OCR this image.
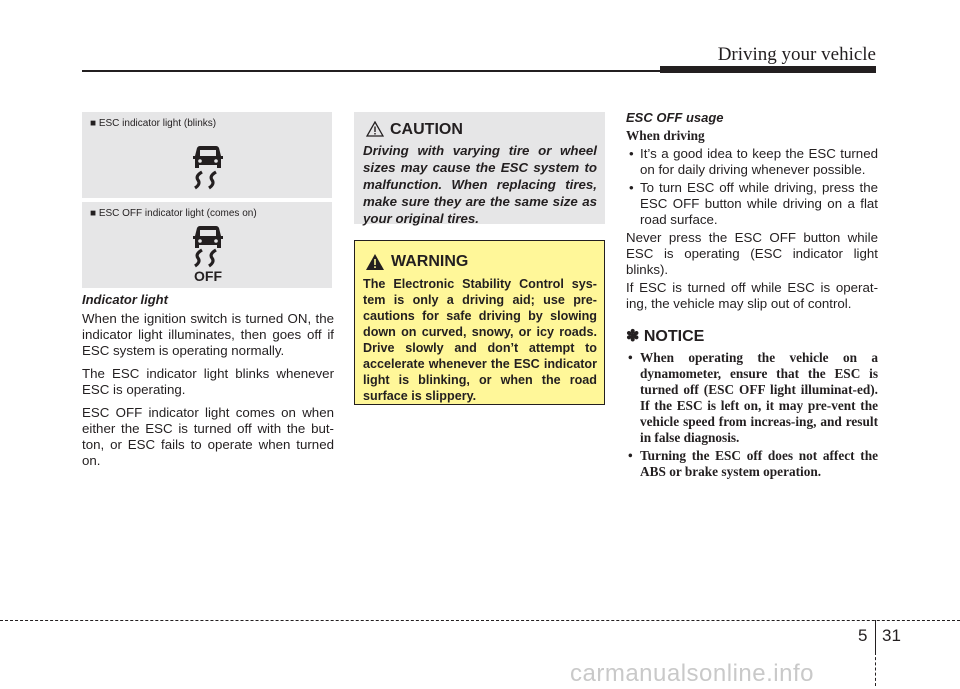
Driving your vehicle
■ ESC indicator light (blinks)
■ ESC OFF indicator light (comes on)
OFF
Indicator light

When the ignition switch is turned ON, the indicator light illuminates, then goes off if ESC system is operating normally.

The ESC indicator light blinks whenever ESC is operating.

ESC OFF indicator light comes on when either the ESC is turned off with the but-ton, or ESC fails to operate when turned on.

CAUTION
Driving with varying tire or wheel sizes may cause the ESC system to malfunction. When replacing tires, make sure they are the same size as your original tires.
WARNING
The Electronic Stability Control sys-tem is only a driving aid; use pre-cautions for safe driving by slowing down on curved, snowy, or icy roads. Drive slowly and don’t attempt to accelerate whenever the ESC indicator light is blinking, or when the road surface is slippery.
ESC OFF usage
When driving
• It’s a good idea to keep the ESC turned on for daily driving whenever possible.
• To turn ESC off while driving, press the ESC OFF button while driving on a flat road surface.

Never press the ESC OFF button while ESC is operating (ESC indicator light blinks).

If ESC is turned off while ESC is operat-ing, the vehicle may slip out of control.

✽ NOTICE
• When operating the vehicle on a dynamometer, ensure that the ESC is turned off (ESC OFF light illuminat-ed). If the ESC is left on, it may pre-vent the vehicle speed from increas-ing, and result in false diagnosis.
• Turning the ESC off does not affect the ABS or brake system operation.
5 31
carmanualsonline.info
